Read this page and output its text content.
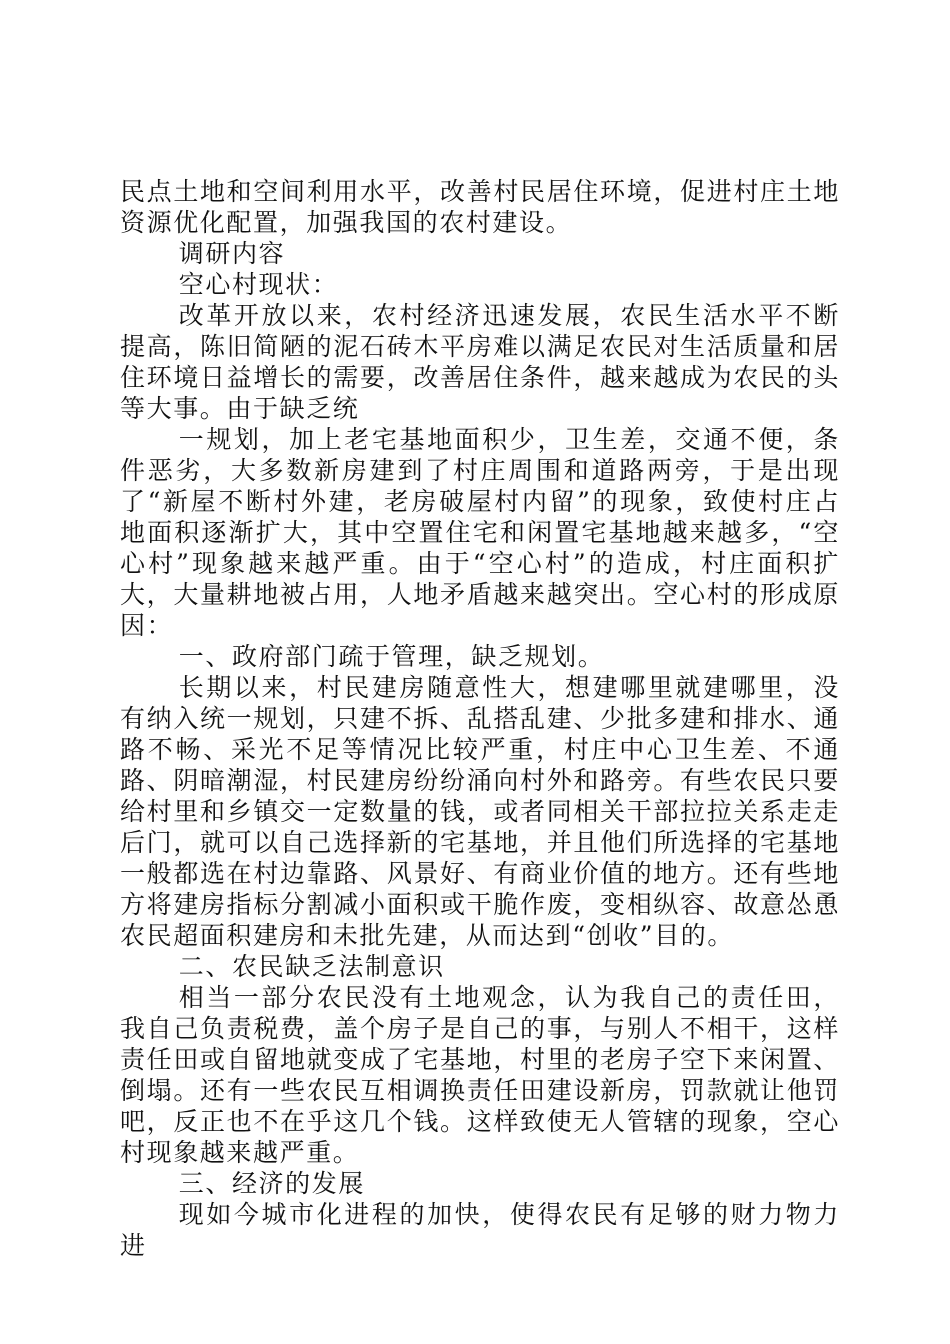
民点土地和空间利用水平，改善村民居住环境，促进村庄土地资源优化配置，加强我国的农村建设。

调研内容

空心村现状：

改革开放以来，农村经济迅速发展，农民生活水平不断提高，陈旧简陋的泥石砖木平房难以满足农民对生活质量和居住环境日益增长的需要，改善居住条件，越来越成为农民的头等大事。由于缺乏统

一规划，加上老宅基地面积少，卫生差，交通不便，条件恶劣，大多数新房建到了村庄周围和道路两旁，于是出现了“新屋不断村外建，老房破屋村内留”的现象，致使村庄占地面积逐渐扩大，其中空置住宅和闲置宅基地越来越多，“空心村”现象越来越严重。由于“空心村”的造成，村庄面积扩大，大量耕地被占用，人地矛盾越来越突出。空心村的形成原因：

一、政府部门疏于管理，缺乏规划。

长期以来，村民建房随意性大，想建哪里就建哪里，没有纳入统一规划，只建不拆、乱搭乱建、少批多建和排水、通路不畅、采光不足等情况比较严重，村庄中心卫生差、不通路、阴暗潮湿，村民建房纷纷涌向村外和路旁。有些农民只要给村里和乡镇交一定数量的钱，或者同相关干部拉拉关系走走后门，就可以自己选择新的宅基地，并且他们所选择的宅基地一般都选在村边靠路、风景好、有商业价值的地方。还有些地方将建房指标分割减小面积或干脆作废，变相纵容、故意怂恿农民超面积建房和未批先建，从而达到“创收”目的。

二、农民缺乏法制意识

相当一部分农民没有土地观念，认为我自己的责任田，我自己负责税费，盖个房子是自己的事，与别人不相干，这样责任田或自留地就变成了宅基地，村里的老房子空下来闲置、倒塌。还有一些农民互相调换责任田建设新房，罚款就让他罚吧，反正也不在乎这几个钱。这样致使无人管辖的现象，空心村现象越来越严重。

三、经济的发展

现如今城市化进程的加快，使得农民有足够的财力物力进
